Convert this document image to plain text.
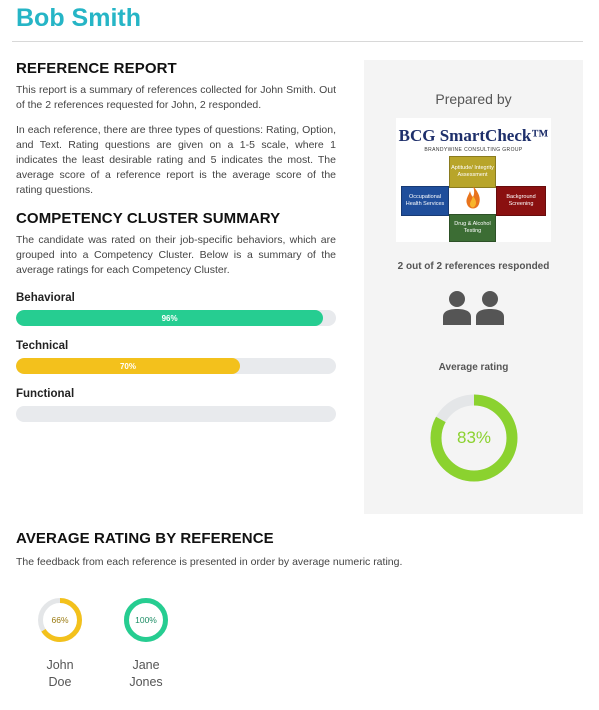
Bob Smith
REFERENCE REPORT

This report is a summary of references collected for John Smith. Out of the 2 references requested for John, 2 responded.

In each reference, there are three types of questions: Rating, Option, and Text. Rating questions are given on a 1-5 scale, where 1 indicates the least desirable rating and 5 indicates the most. The average score of a reference report is the average score of the rating questions.

COMPETENCY CLUSTER SUMMARY

The candidate was rated on their job-specific behaviors, which are grouped into a Competency Cluster. Below is a summary of the average ratings for each Competency Cluster.

Behavioral
96%
Technical
70%
Functional
Prepared by
BCG SmartCheck™
BRANDYWINE CONSULTING GROUP
Aptitude/ Integrity Assessment
Occupational Health Services
Background Screening
Drug & Alcohol Testing
2 out of 2 references responded
Average rating
83%
AVERAGE RATING BY REFERENCE

The feedback from each reference is presented in order by average numeric rating.

66%
John
Doe
100%
Jane
Jones
